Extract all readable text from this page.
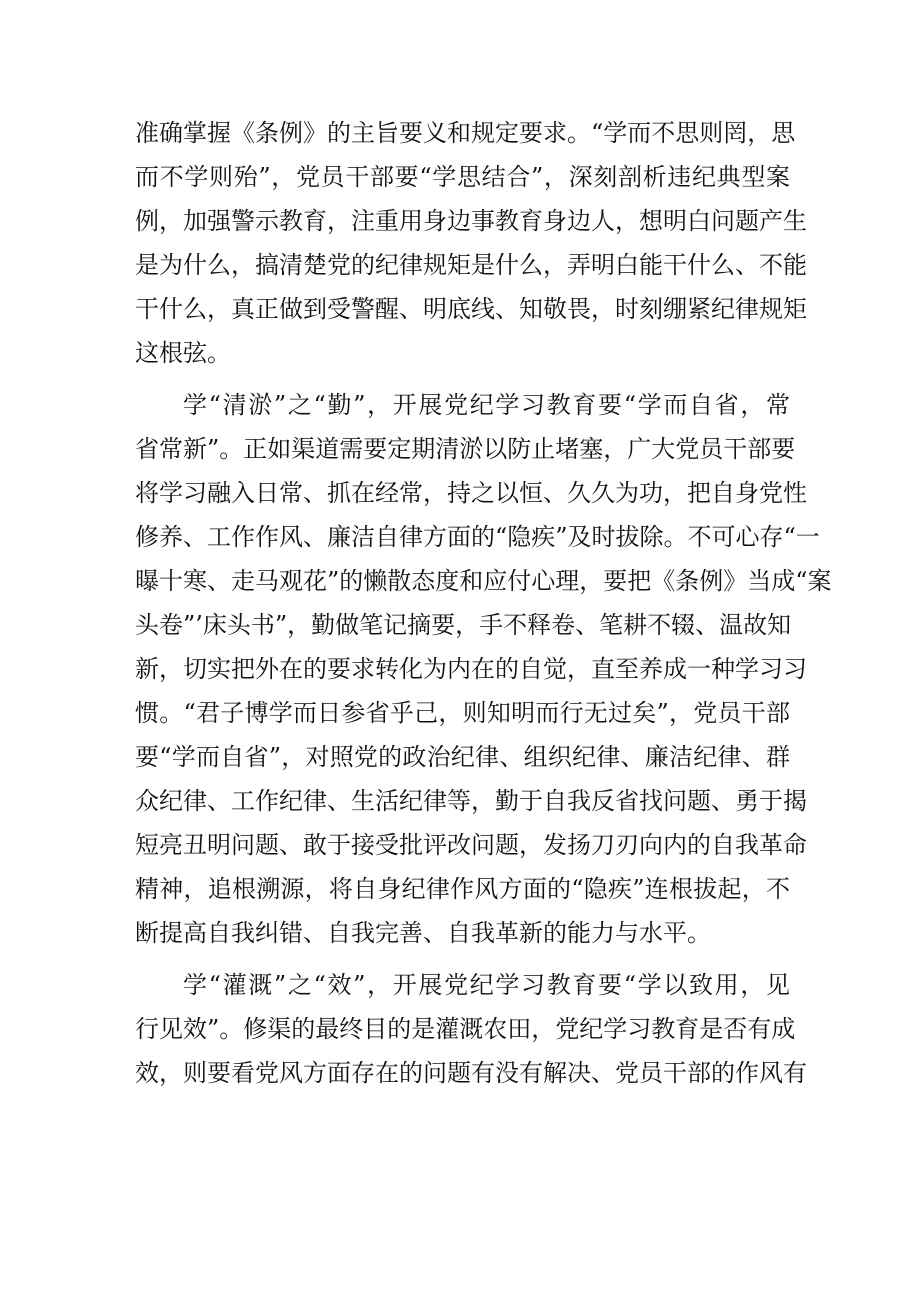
准确掌握《条例》的主旨要义和规定要求。“学而不思则罔，思
而不学则殆”，党员干部要“学思结合”，深刻剖析违纪典型案
例，加强警示教育，注重用身边事教育身边人，想明白问题产生
是为什么，搞清楚党的纪律规矩是什么，弄明白能干什么、不能
干什么，真正做到受警醒、明底线、知敬畏，时刻绷紧纪律规矩
这根弦。
学“清淤”之“勤”，开展党纪学习教育要“学而自省，常
省常新”。正如渠道需要定期清淤以防止堵塞，广大党员干部要
将学习融入日常、抓在经常，持之以恒、久久为功，把自身党性
修养、工作作风、廉洁自律方面的“隐疾”及时拔除。不可心存“一
曝十寒、走马观花”的懒散态度和应付心理，要把《条例》当成“案
头卷”’床头书”，勤做笔记摘要，手不释卷、笔耕不辍、温故知
新，切实把外在的要求转化为内在的自觉，直至养成一种学习习
惯。“君子博学而日参省乎己，则知明而行无过矣”，党员干部
要“学而自省”，对照党的政治纪律、组织纪律、廉洁纪律、群
众纪律、工作纪律、生活纪律等，勤于自我反省找问题、勇于揭
短亮丑明问题、敢于接受批评改问题，发扬刀刃向内的自我革命
精神，追根溯源，将自身纪律作风方面的“隐疾”连根拔起，不
断提高自我纠错、自我完善、自我革新的能力与水平。
学“灌溉”之“效”，开展党纪学习教育要“学以致用，见
行见效”。修渠的最终目的是灌溉农田，党纪学习教育是否有成
效，则要看党风方面存在的问题有没有解决、党员干部的作风有
